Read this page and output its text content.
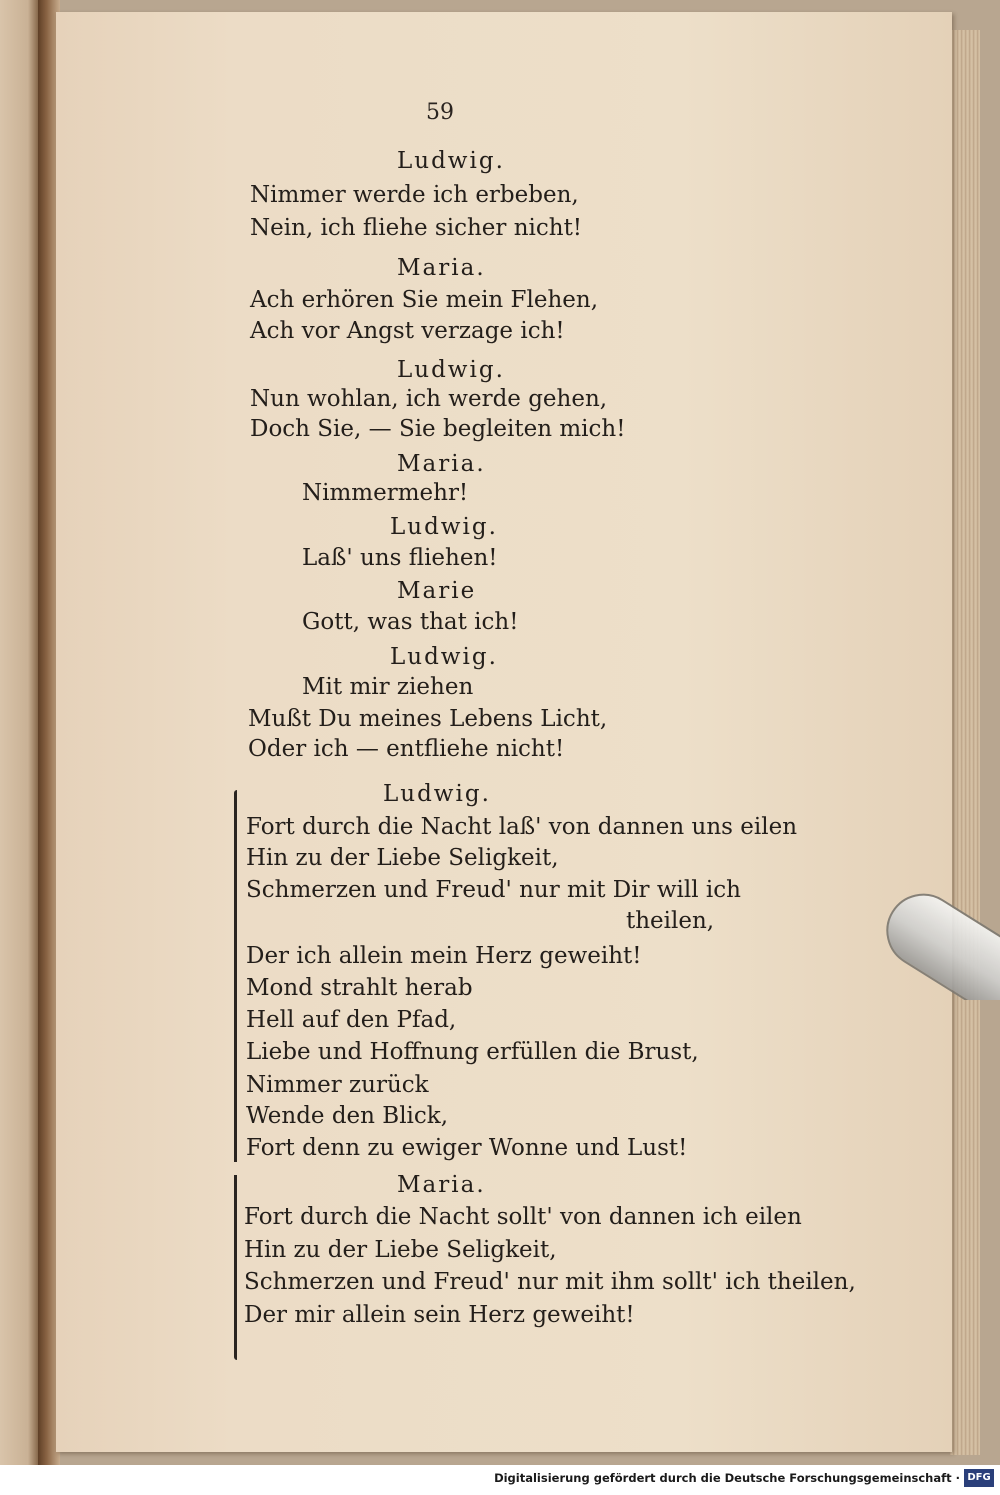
59
Ludwig.
Nimmer werde ich erbeben,
Nein, ich fliehe sicher nicht!
Maria.
Ach erhören Sie mein Flehen,
Ach vor Angst verzage ich!
Ludwig.
Nun wohlan, ich werde gehen,
Doch Sie, — Sie begleiten mich!
Maria.
Nimmermehr!
Ludwig.
Laß' uns fliehen!
Marie
Gott, was that ich!
Ludwig.
Mit mir ziehen
Mußt Du meines Lebens Licht,
Oder ich — entfliehe nicht!
Ludwig.
Fort durch die Nacht laß' von dannen uns eilen
Hin zu der Liebe Seligkeit,
Schmerzen und Freud' nur mit Dir will ich
theilen,
Der ich allein mein Herz geweiht!
Mond strahlt herab
Hell auf den Pfad,
Liebe und Hoffnung erfüllen die Brust,
Nimmer zurück
Wende den Blick,
Fort denn zu ewiger Wonne und Lust!
Maria.
Fort durch die Nacht sollt' von dannen ich eilen
Hin zu der Liebe Seligkeit,
Schmerzen und Freud' nur mit ihm sollt' ich theilen,
Der mir allein sein Herz geweiht!
Digitalisierung gefördert durch die Deutsche Forschungsgemeinschaft · DFG
